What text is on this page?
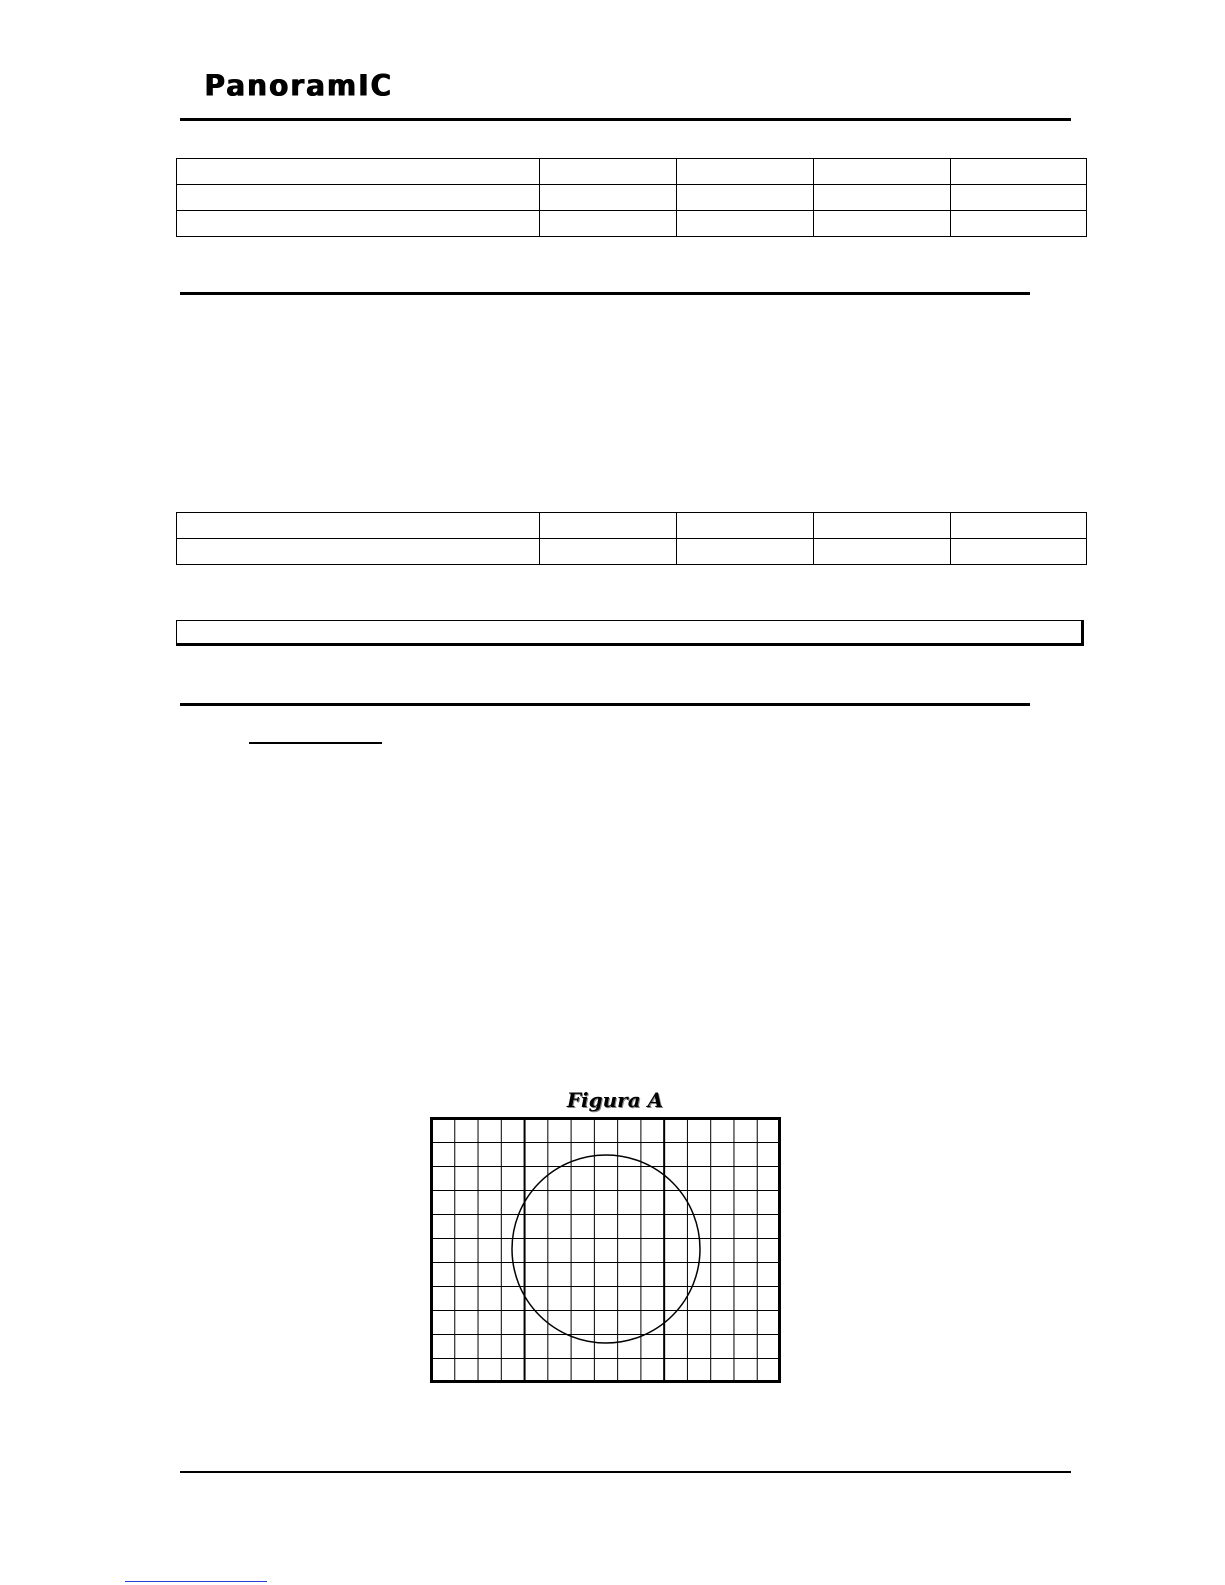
PanoramIC

Figura A
